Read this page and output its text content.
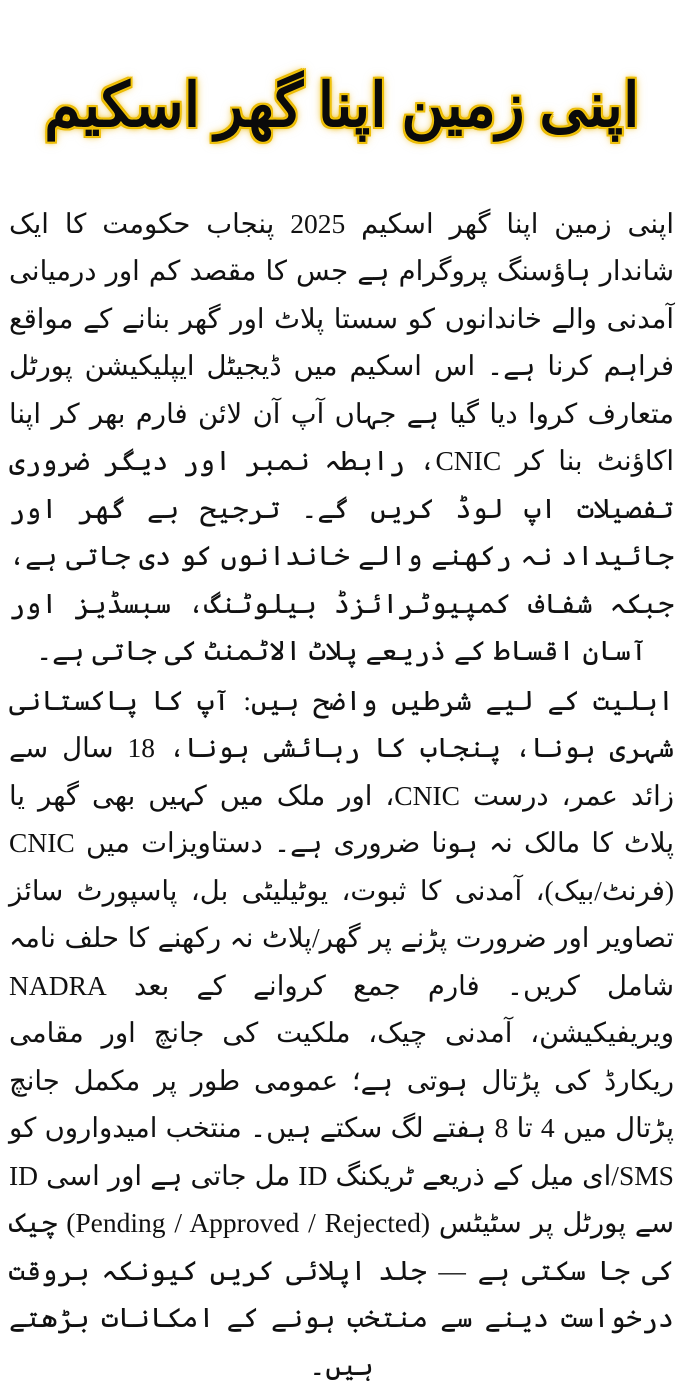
اپنی زمین اپنا گھر اسکیم

اپنی زمین اپنا گھر اسکیم 2025 پنجاب حکومت کا ایک شاندار ہاؤسنگ پروگرام ہے جس کا مقصد کم اور درمیانی آمدنی والے خاندانوں کو سستا پلاٹ اور گھر بنانے کے مواقع فراہم کرنا ہے۔ اس اسکیم میں ڈیجیٹل ایپلیکیشن پورٹل متعارف کروا دیا گیا ہے جہاں آپ آن لائن فارم بھر کر اپنا اکاؤنٹ بنا کر CNIC، رابطہ نمبر اور دیگر ضروری تفصیلات اپ لوڈ کریں گے۔ ترجیح بے گھر اور جائیداد نہ رکھنے والے خاندانوں کو دی جاتی ہے، جبکہ شفاف کمپیوٹرائزڈ بیلوٹنگ، سبسڈیز اور آسان اقساط کے ذریعے پلاٹ الاٹمنٹ کی جاتی ہے۔

اہلیت کے لیے شرطیں واضح ہیں: آپ کا پاکستانی شہری ہونا، پنجاب کا رہائشی ہونا، 18 سال سے زائد عمر، درست CNIC، اور ملک میں کہیں بھی گھر یا پلاٹ کا مالک نہ ہونا ضروری ہے۔ دستاویزات میں CNIC (فرنٹ/بیک)، آمدنی کا ثبوت، یوٹیلیٹی بل، پاسپورٹ سائز تصاویر اور ضرورت پڑنے پر گھر/پلاٹ نہ رکھنے کا حلف نامہ شامل کریں۔ فارم جمع کروانے کے بعد NADRA ویریفیکیشن، آمدنی چیک، ملکیت کی جانچ اور مقامی ریکارڈ کی پڑتال ہوتی ہے؛ عمومی طور پر مکمل جانچ پڑتال میں 4 تا 8 ہفتے لگ سکتے ہیں۔ منتخب امیدواروں کو SMS/ای میل کے ذریعے ٹریکنگ ID مل جاتی ہے اور اسی ID سے پورٹل پر سٹیٹس (Pending / Approved / Rejected) چیک کی جا سکتی ہے — جلد اپلائی کریں کیونکہ بروقت درخواست دینے سے منتخب ہونے کے امکانات بڑھتے ہیں۔
